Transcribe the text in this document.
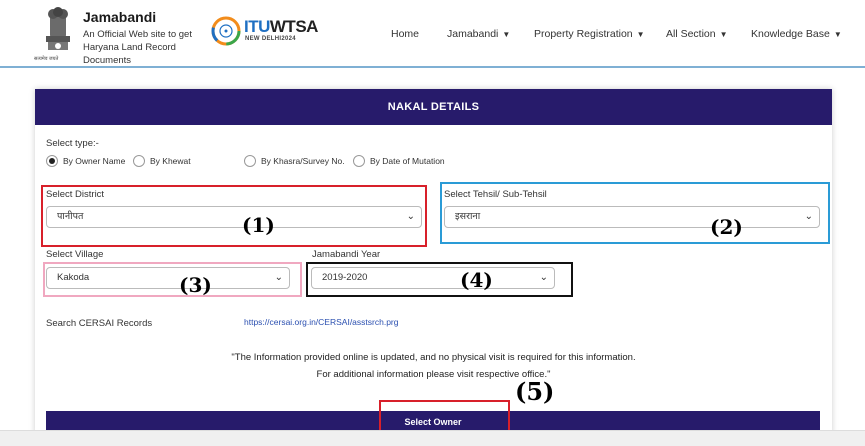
सत्यमेव जयते
Jamabandi
An Official Web site to get Haryana Land Record Documents
ITUWTSA
NEW DELHI2024	Home	Jamabandi ▼ Property Registration ▼ All Section ▼ Knowledge Base ▼
NAKAL DETAILS
Select type:-
By Owner Name	By Khewat	By Khasra/Survey No.	By Date of Mutation
Select District
पानीपत	⌄
(1)
Select Tehsil/ Sub-Tehsil
इसराना	⌄
(2)
Select Village
Kakoda	⌄
(3)
Jamabandi Year
2019-2020	⌄
(4)
Search CERSAI Records	https://cersai.org.in/CERSAI/asstsrch.prg
"The Information provided online is updated, and no physical visit is required for this information.
For additional information please visit respective office."
Select Owner
(5)
